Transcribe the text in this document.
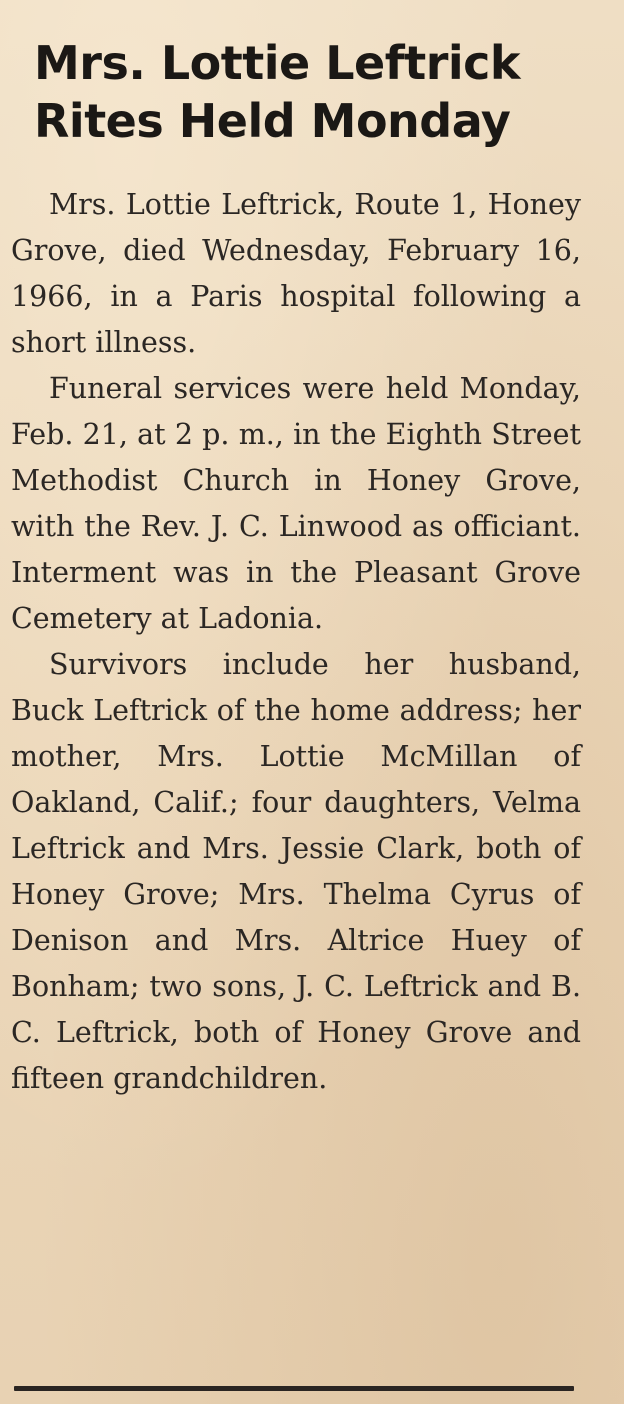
Mrs. Lottie Leftrick
Rites Held Monday

Mrs. Lottie Leftrick, Route 1, Honey Grove, died Wednesday, February 16, 1966, in a Paris hospital following a short illness.

Funeral services were held Monday, Feb. 21, at 2 p. m., in the Eighth Street Methodist Church in Honey Grove, with the Rev. J. C. Linwood as officiant. Interment was in the Pleasant Grove Cemetery at Ladonia.

Survivors include her husband, Buck Leftrick of the home address; her mother, Mrs. Lottie McMillan of Oakland, Calif.; four daughters, Velma Leftrick and Mrs. Jessie Clark, both of Honey Grove; Mrs. Thelma Cyrus of Denison and Mrs. Altrice Huey of Bonham; two sons, J. C. Leftrick and B. C. Leftrick, both of Honey Grove and fifteen grandchildren.
